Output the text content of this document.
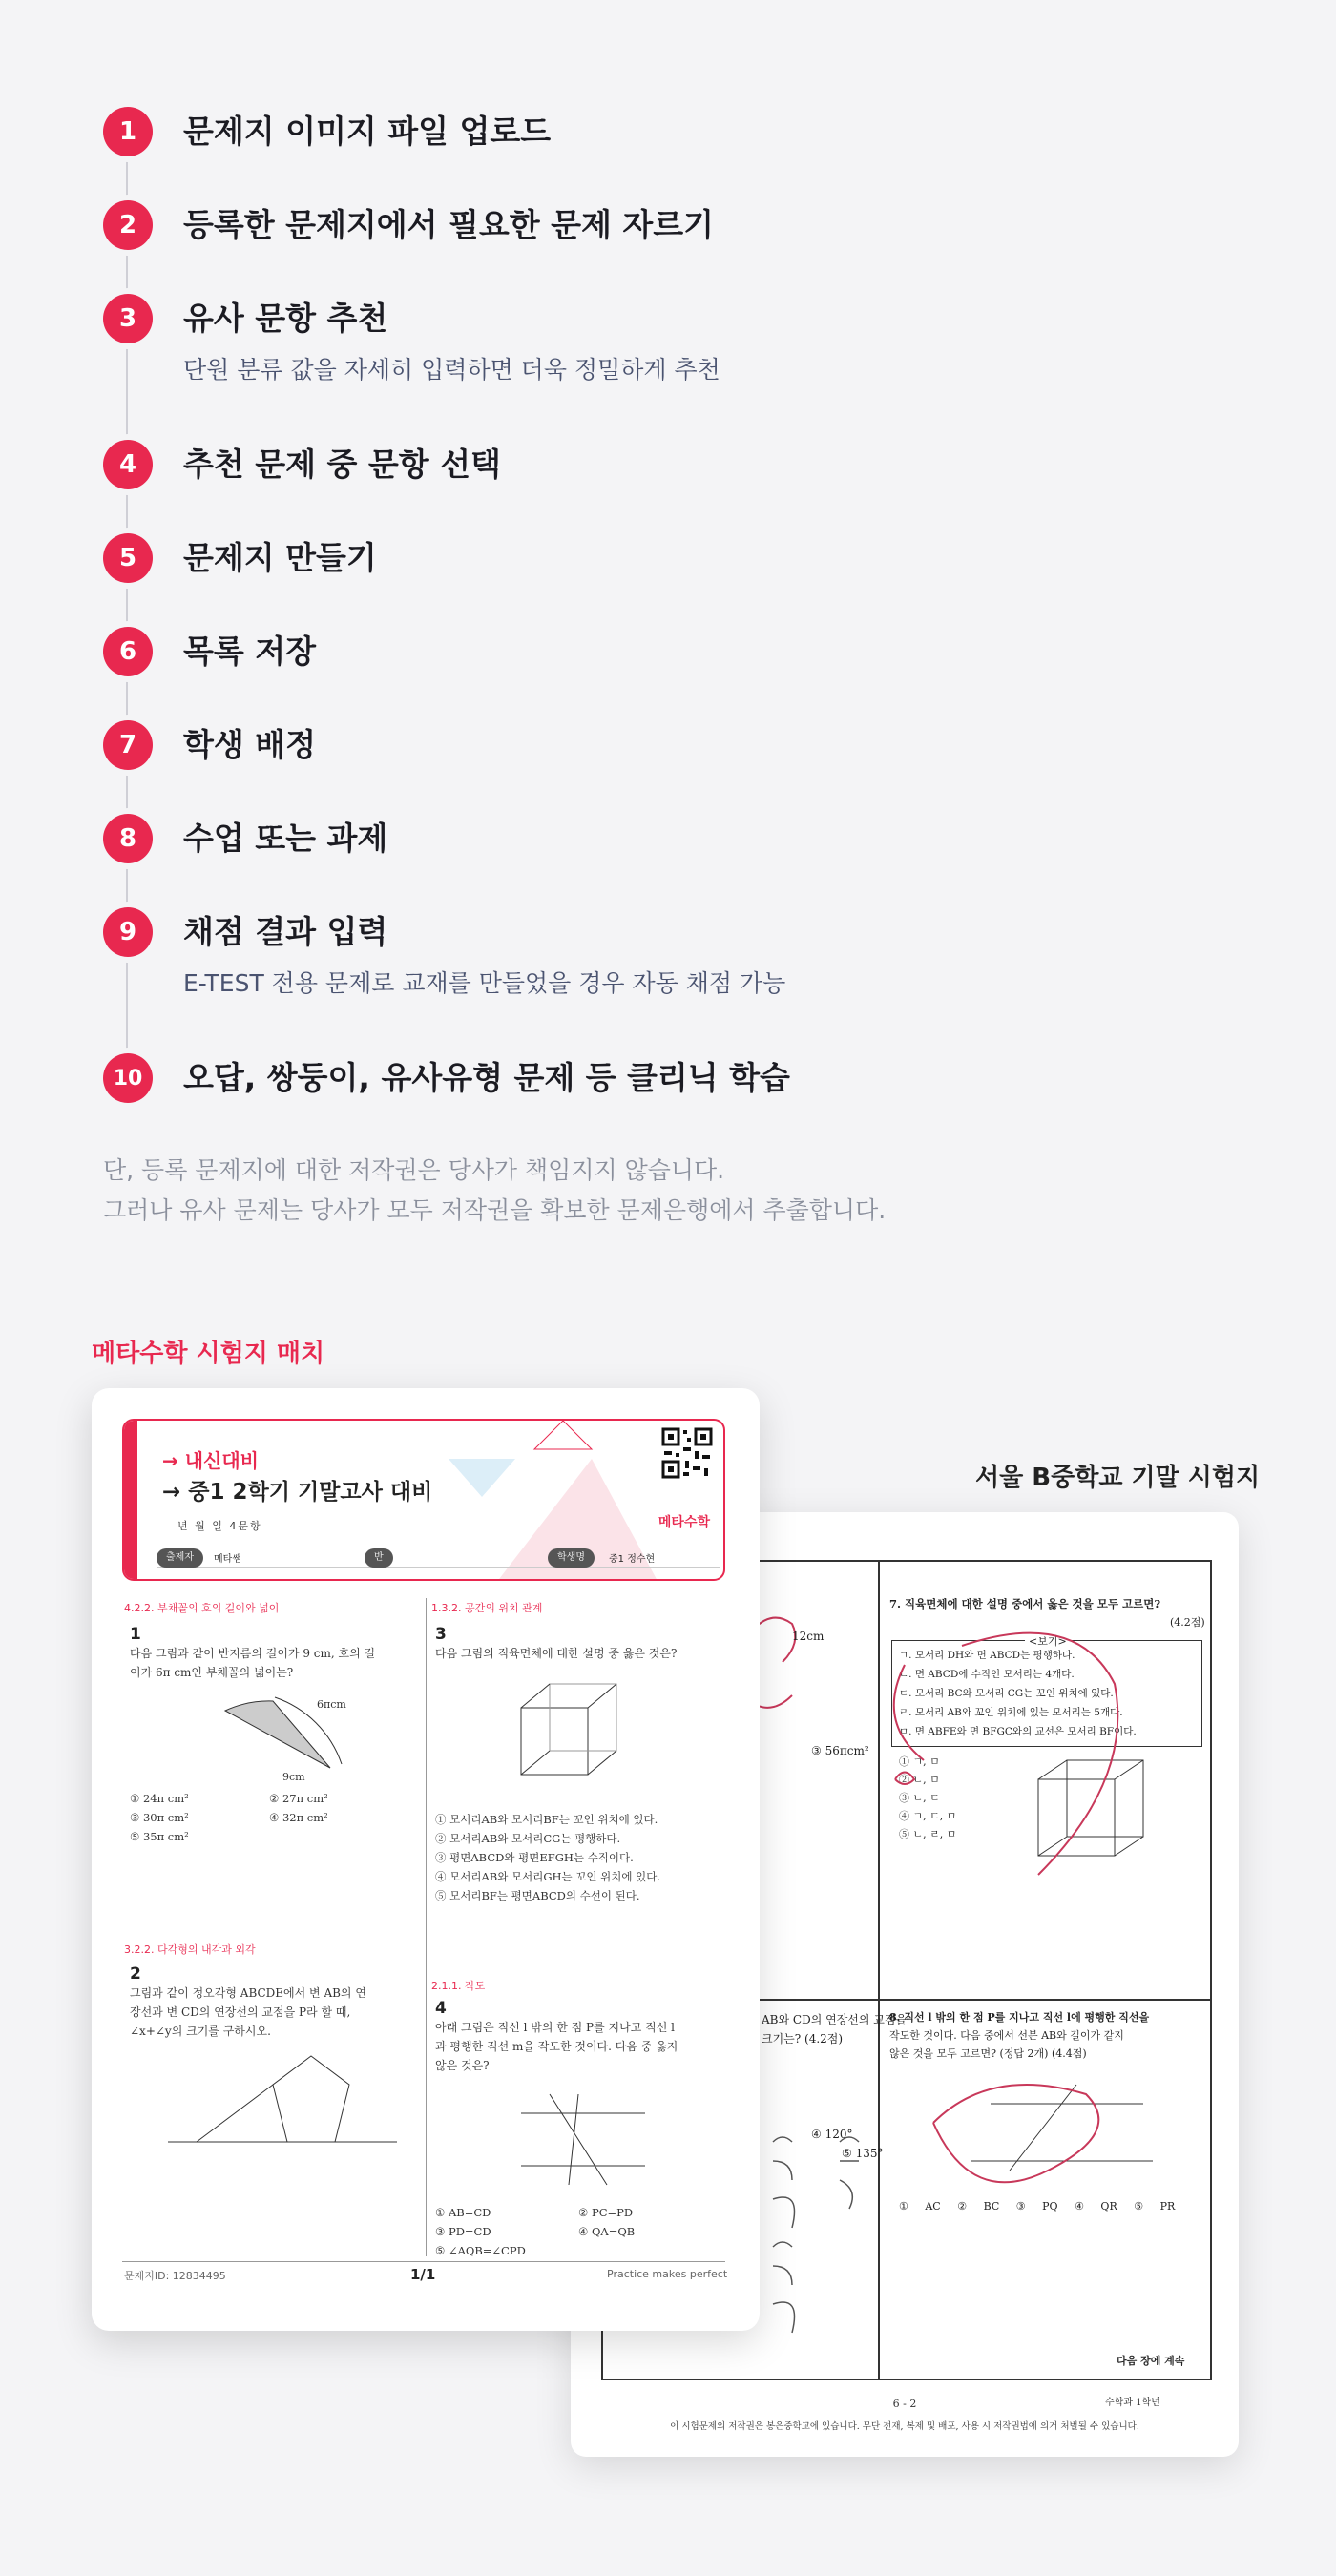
1	문제지 이미지 파일 업로드
2	등록한 문제지에서 필요한 문제 자르기
3	유사 문항 추천
단원 분류 값을 자세히 입력하면 더욱 정밀하게 추천
4	추천 문제 중 문항 선택
5	문제지 만들기
6	목록 저장
7	학생 배정
8	수업 또는 과제
9	채점 결과 입력
E-TEST 전용 문제로 교재를 만들었을 경우 자동 채점 가능
10	오답, 쌍둥이, 유사유형 문제 등 클리닉 학습
단, 등록 문제지에 대한 저작권은 당사가 책임지지 않습니다.
그러나 유사 문제는 당사가 모두 저작권을 확보한 문제은행에서 추출합니다.
메타수학 시험지 매치
서울 B중학교 기말 시험지
12cm
③ 56πcm²
AB와 CD의 연장선의 교점을
크기는? (4.2점)
④ 120°
⑤ 135°
7. 직육면체에 대한 설명 중에서 옳은 것을 모두 고르면?
(4.2점)
<보기>
ㄱ. 모서리 DH와 면 ABCD는 평행하다.
ㄴ. 면 ABCD에 수직인 모서리는 4개다.
ㄷ. 모서리 BC와 모서리 CG는 꼬인 위치에 있다.
ㄹ. 모서리 AB와 꼬인 위치에 있는 모서리는 5개다.
ㅁ. 면 ABFE와 면 BFGC와의 교선은 모서리 BF이다.
① ㄱ, ㅁ
② ㄴ, ㅁ
③ ㄴ, ㄷ
④ ㄱ, ㄷ, ㅁ
⑤ ㄴ, ㄹ, ㅁ
8. 직선 l 밖의 한 점 P를 지나고 직선 l에 평행한 직선을
작도한 것이다. 다음 중에서 선분 AB와 길이가 같지
않은 것을 모두 고르면? (정답 2개) (4.4점)
① AC ② BC ③ PQ ④ QR ⑤ PR
다음 장에 계속
6 - 2	수학과 1학년
이 시험문제의 저작권은 봉은중학교에 있습니다. 무단 전재, 복제 및 배포, 사용 시 저작권법에 의거 처벌될 수 있습니다.
→ 내신대비
→ 중1 2학기 기말고사 대비
년 월 일 4문항	메타수학
출제자	메타쌤	반	학생명	중1 정수현
4.2.2. 부채꼴의 호의 길이와 넓이
1
다음 그림과 같이 반지름의 길이가 9 cm, 호의 길
이가 6π cm인 부채꼴의 넓이는?
6πcm
9cm
① 24π cm²	② 27π cm²
③ 30π cm²	④ 32π cm²
⑤ 35π cm²
1.3.2. 공간의 위치 관계
3
다음 그림의 직육면체에 대한 설명 중 옳은 것은?
① 모서리AB와 모서리BF는 꼬인 위치에 있다.
② 모서리AB와 모서리CG는 평행하다.
③ 평면ABCD와 평면EFGH는 수직이다.
④ 모서리AB와 모서리GH는 꼬인 위치에 있다.
⑤ 모서리BF는 평면ABCD의 수선이 된다.
3.2.2. 다각형의 내각과 외각
2
그림과 같이 정오각형 ABCDE에서 변 AB의 연
장선과 변 CD의 연장선의 교점을 P라 할 때,
∠x+∠y의 크기를 구하시오.
2.1.1. 작도
4
아래 그림은 직선 l 밖의 한 점 P를 지나고 직선 l
과 평행한 직선 m을 작도한 것이다. 다음 중 옳지
않은 것은?
① AB=CD	② PC=PD
③ PD=CD	④ QA=QB
⑤ ∠AQB=∠CPD
문제지ID: 12834495	1/1	Practice makes perfect
